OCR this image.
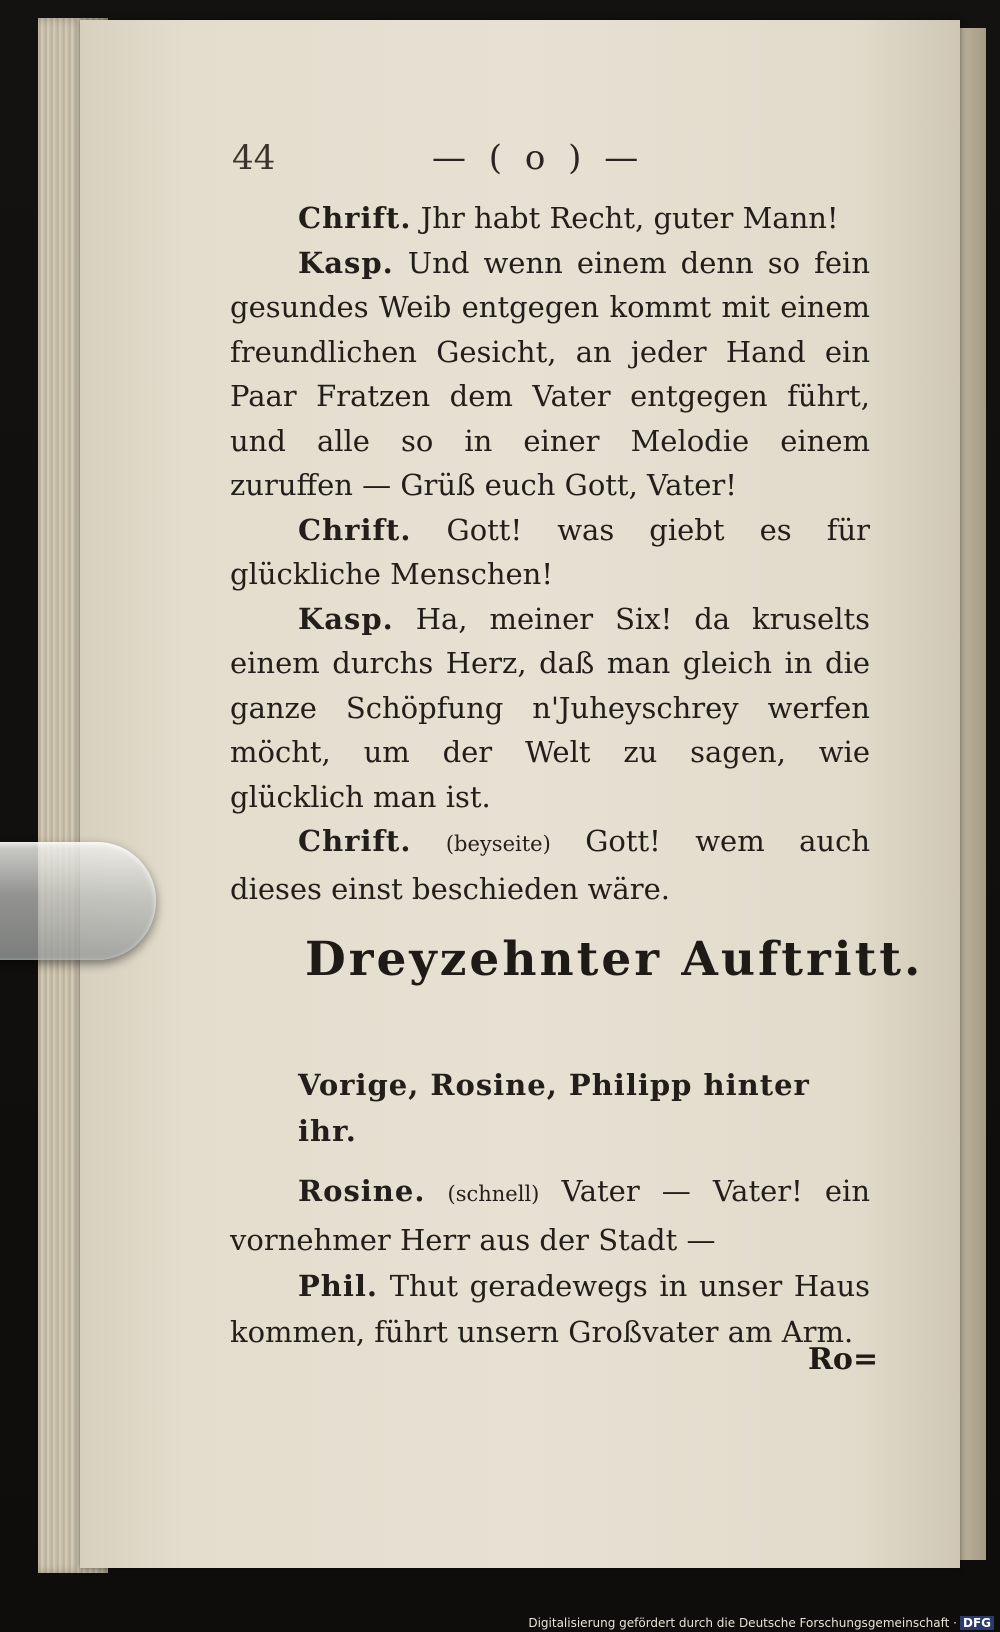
44	— ( o ) —

Chrift. Jhr habt Recht, guter Mann!

Kasp. Und wenn einem denn so fein gesundes Weib entgegen kommt mit einem freundlichen Gesicht, an jeder Hand ein Paar Fratzen dem Vater entgegen führt, und alle so in einer Melodie einem zuruffen — Grüß euch Gott, Vater!

Chrift. Gott! was giebt es für glückliche Menschen!

Kasp. Ha, meiner Six! da kruselts einem durchs Herz, daß man gleich in die ganze Schöpfung n'Juheyschrey werfen möcht, um der Welt zu sagen, wie glücklich man ist.

Chrift. (beyseite) Gott! wem auch dieses einst beschieden wäre.

Dreyzehnter Auftritt.

Vorige, Rosine, Philipp hinter ihr.

Rosine. (schnell) Vater — Vater! ein vornehmer Herr aus der Stadt —

Phil. Thut geradewegs in unser Haus kommen, führt unsern Großvater am Arm.

Ro=
Digitalisierung gefördert durch die Deutsche Forschungsgemeinschaft · DFG
